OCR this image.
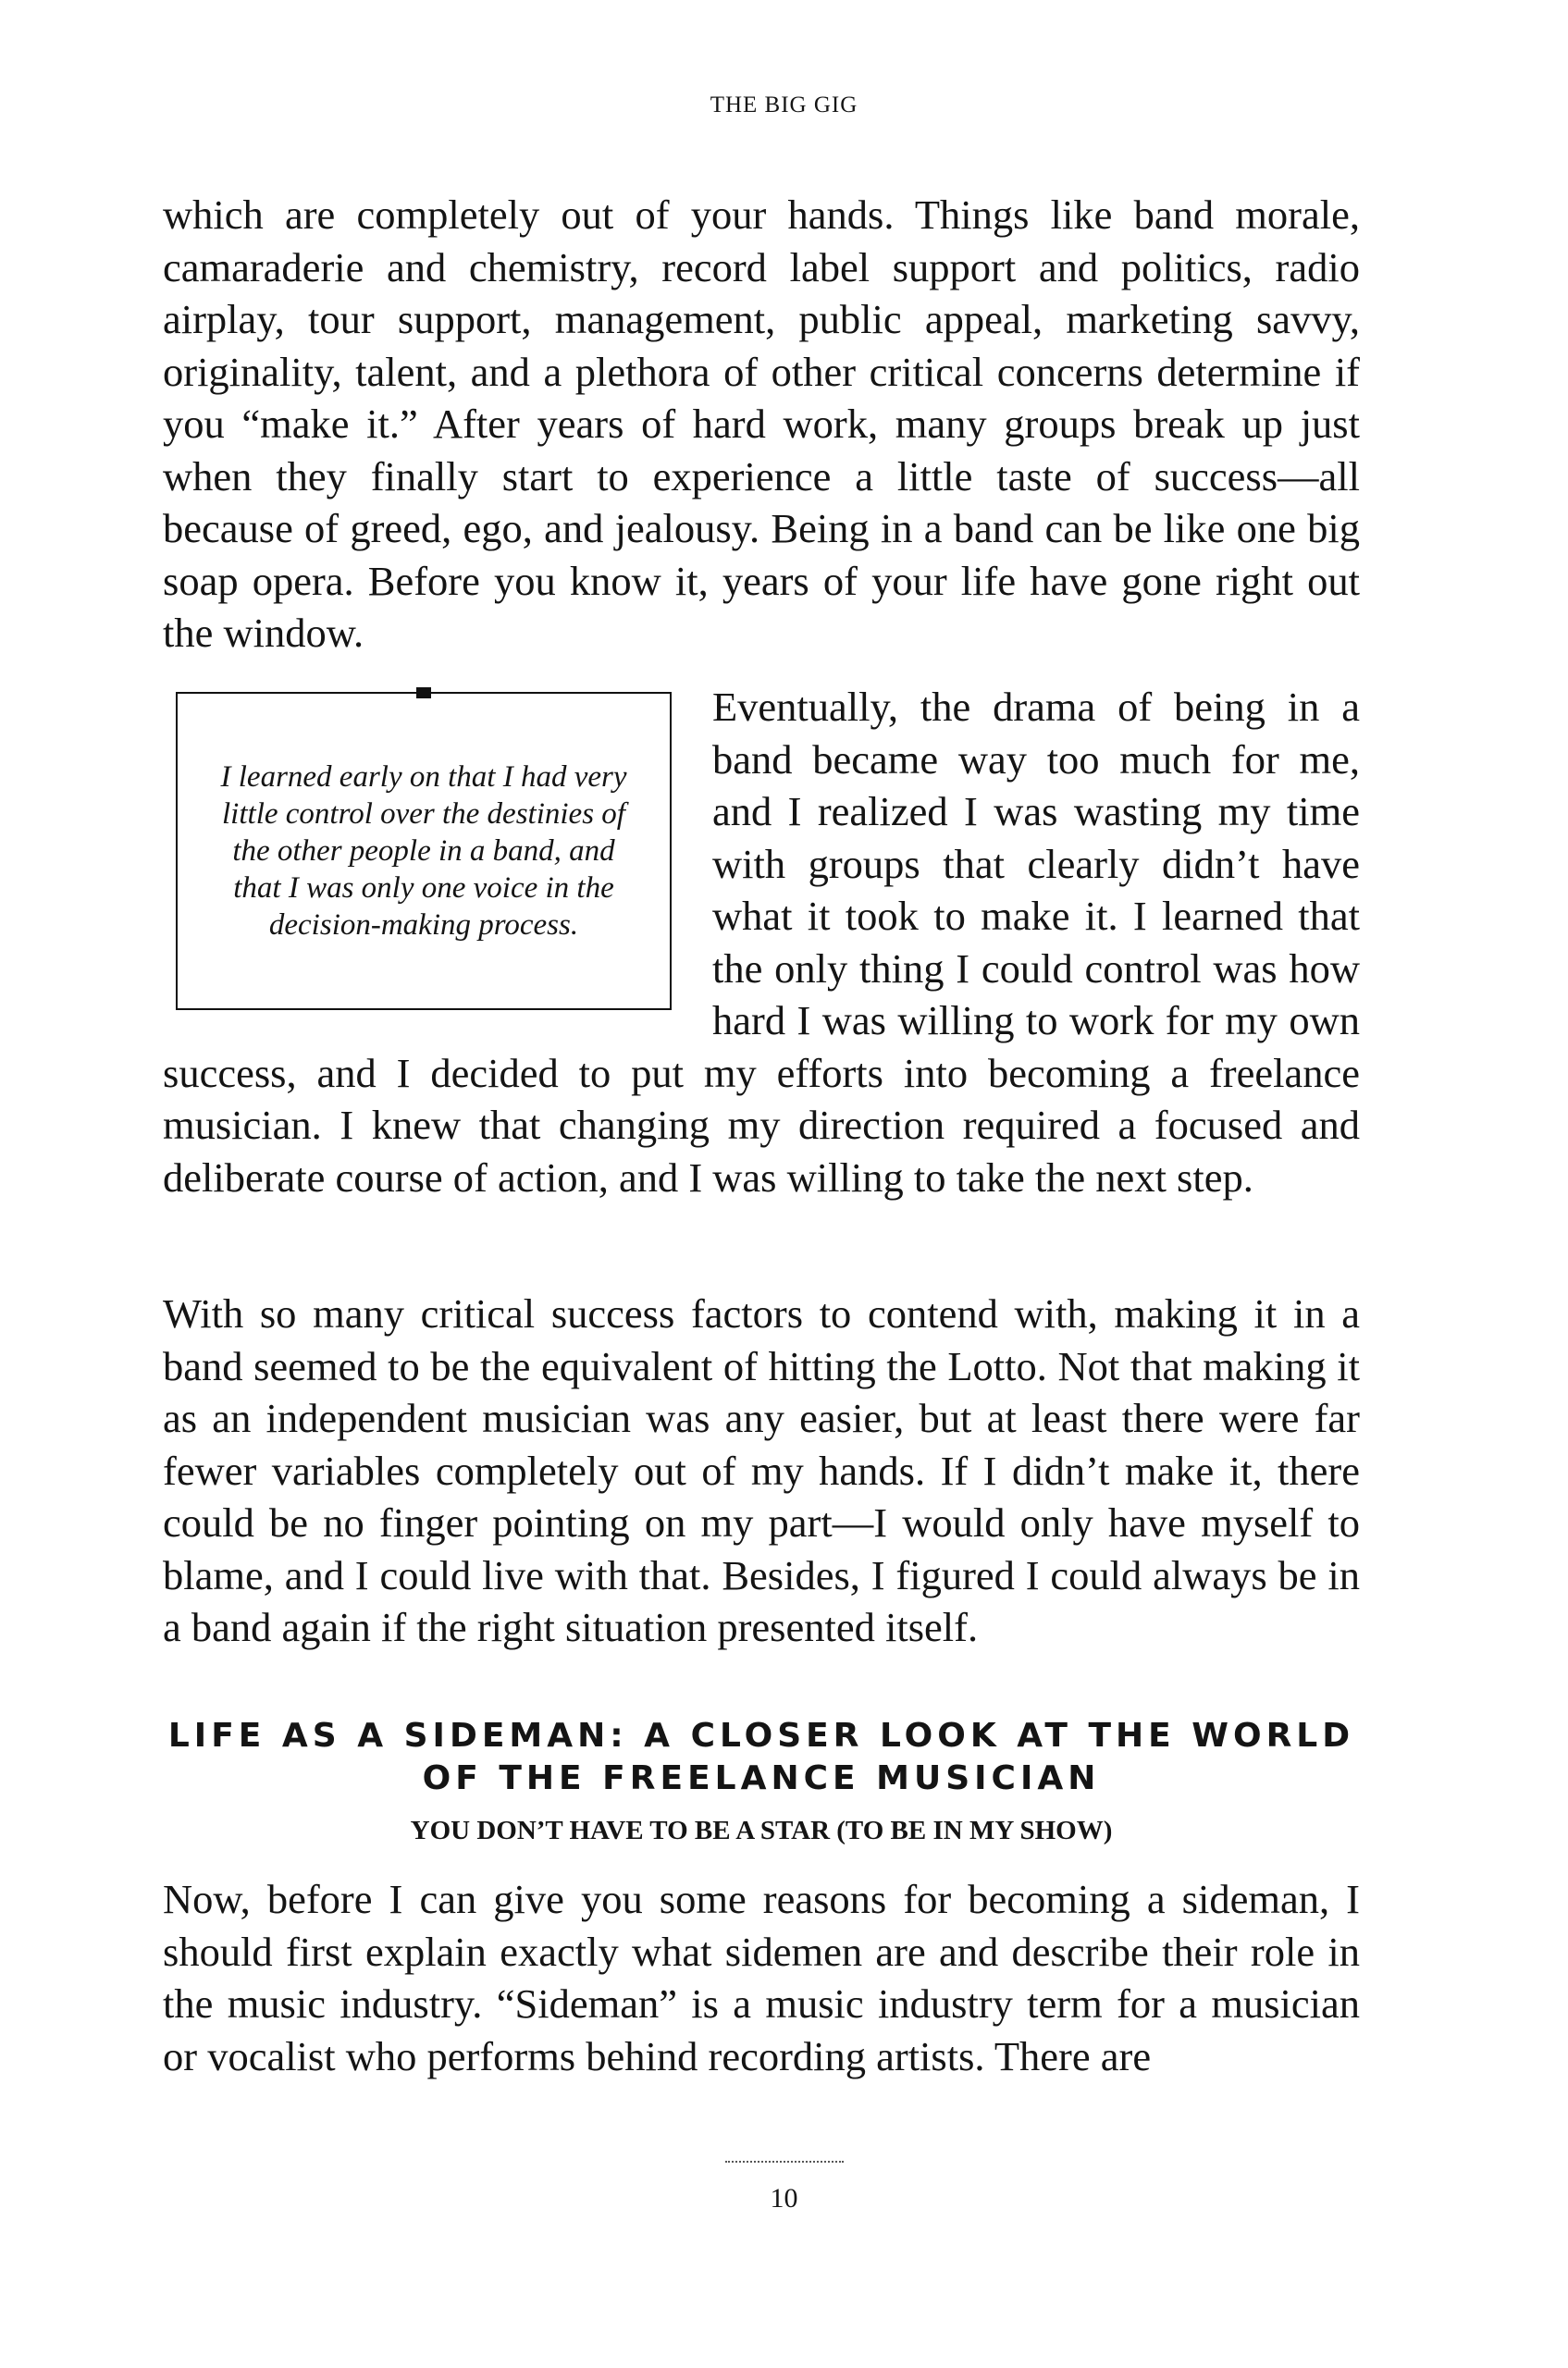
THE BIG GIG

which are completely out of your hands. Things like band morale, camaraderie and chemistry, record label support and politics, radio airplay, tour support, management, public appeal, marketing savvy, originality, talent, and a plethora of other critical concerns determine if you “make it.” After years of hard work, many groups break up just when they finally start to experience a little taste of success—all because of greed, ego, and jealousy. Being in a band can be like one big soap opera. Before you know it, years of your life have gone right out the window.

I learned early on that I had very little control over the destinies of the other people in a band, and that I was only one voice in the decision-making process.

Eventually, the drama of being in a band became way too much for me, and I realized I was wasting my time with groups that clearly didn’t have what it took to make it. I learned that the only thing I could control was how hard I was willing to work for my own success, and I decided to put my efforts into becoming a freelance musician. I knew that changing my direction required a focused and deliberate course of action, and I was willing to take the next step.

With so many critical success factors to contend with, making it in a band seemed to be the equivalent of hitting the Lotto. Not that making it as an independent musician was any easier, but at least there were far fewer variables completely out of my hands. If I didn’t make it, there could be no finger pointing on my part—I would only have myself to blame, and I could live with that. Besides, I figured I could always be in a band again if the right situation presented itself.

LIFE AS A SIDEMAN: A CLOSER LOOK AT THE WORLD OF THE FREELANCE MUSICIAN
YOU DON’T HAVE TO BE A STAR (TO BE IN MY SHOW)

Now, before I can give you some reasons for becoming a sideman, I should first explain exactly what sidemen are and describe their role in the music industry. “Sideman” is a music industry term for a musician or vocalist who performs behind recording artists. There are

10
